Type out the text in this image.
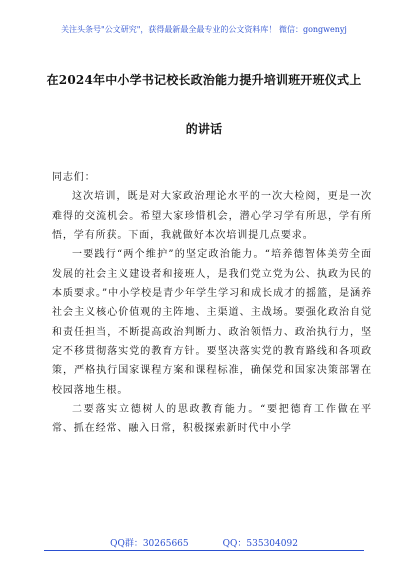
关注头条号"公文研究"，获得最新最全最专业的公文资料库！ 微信：gongwenyj
在2024年中小学书记校长政治能力提升培训班开班仪式上
的讲话

同志们：

这次培训，既是对大家政治理论水平的一次大检阅，更是一次难得的交流机会。希望大家珍惜机会，潜心学习学有所思，学有所悟，学有所获。下面，我就做好本次培训提几点要求。

一要践行“两个维护”的坚定政治能力。“培养德智体美劳全面发展的社会主义建设者和接班人，是我们党立党为公、执政为民的本质要求。”中小学校是青少年学生学习和成长成才的摇篮，是涵养社会主义核心价值观的主阵地、主渠道、主战场。要强化政治自觉和责任担当，不断提高政治判断力、政治领悟力、政治执行力，坚定不移贯彻落实党的教育方针。要坚决落实党的教育路线和各项政策，严格执行国家课程方案和课程标准，确保党和国家决策部署在校园落地生根。

二要落实立德树人的思政教育能力。“要把德育工作做在平常、抓在经常、融入日常，积极探索新时代中小学

QQ群：30265665	QQ：535304092
